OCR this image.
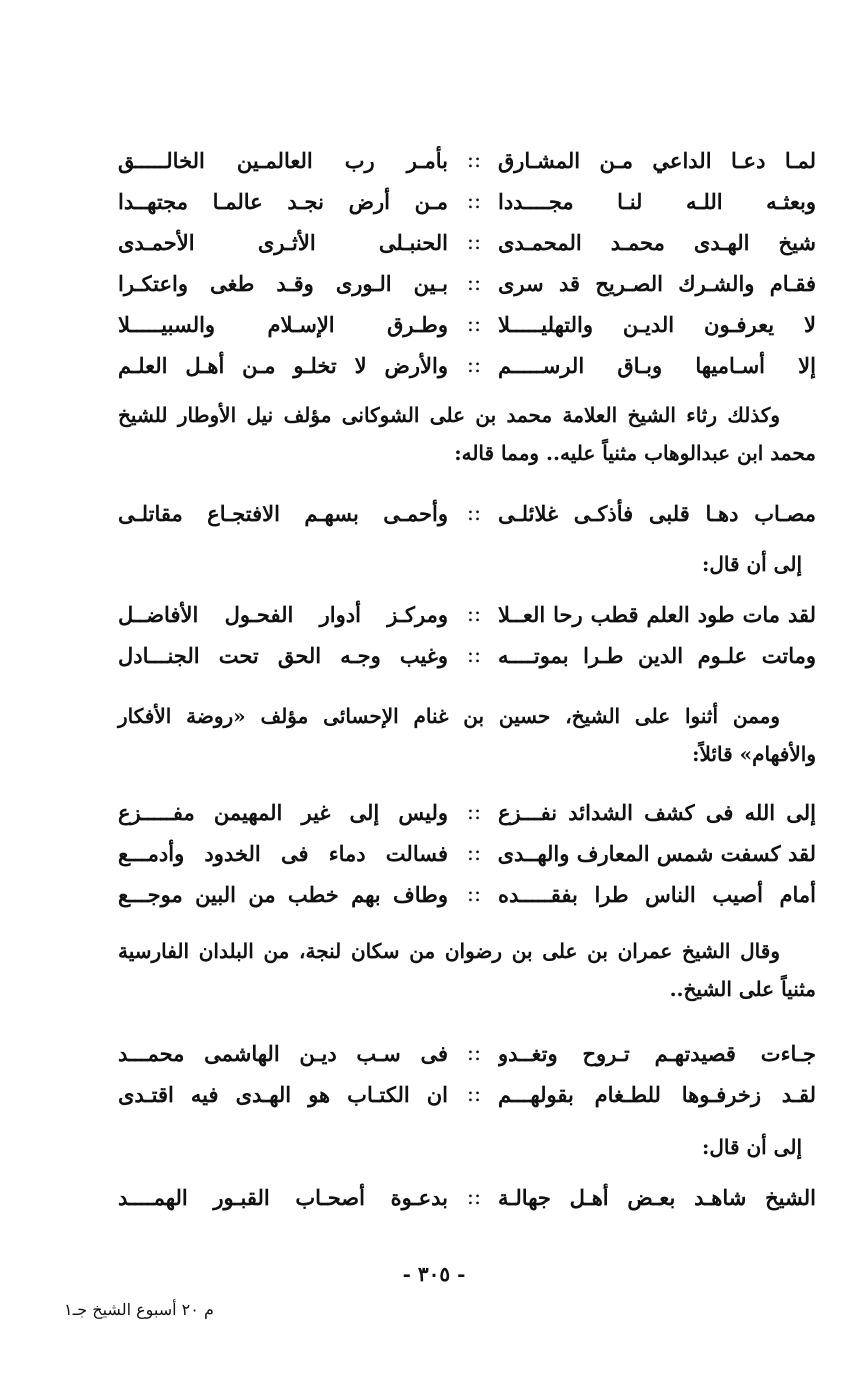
لمـا دعـا الداعي مـن المشـارق
::
بأمـر رب العالمـين الخالـــــق
وبعثـه اللـه لنـا مجــــددا
::
مـن أرض نجـد عالمـا مجتهــدا
شيخ الهـدى محمـد المحمـدى
::
الحنبـلى الأثـرى الأحمـدى
فقـام والشـرك الصـريح قد سرى
::
بـين الـورى وقـد طغى واعتكـرا
لا يعرفـون الديـن والتهليـــــلا
::
وطـرق الإسـلام والسبيـــــلا
إلا أسـاميها وبـاق الرســـــم
::
والأرض لا تخلـو مـن أهـل العلـم
وكذلك رثاء الشيخ العلامة محمد بن على الشوكانى مؤلف نيل الأوطار للشيخ محمد ابن عبدالوهاب مثنياً عليه.. ومما قاله:
مصـاب دهـا قلبى فأذكـى غلائلـى
::
وأحمـى بسهـم الافتجـاع مقاتلـى
إلى أن قال:
لقد مات طود العلم قطب رحا العــلا
::
ومركـز أدوار الفحـول الأفاضــل
وماتت علـوم الدين طـرا بموتــــه
::
وغيب وجـه الحق تحت الجنـــادل
وممن أثنوا على الشيخ، حسين بن غنام الإحسائى مؤلف «روضة الأفكار والأفهام» قائلاً:
إلى الله فى كشف الشدائد نفـــزع
::
وليس إلى غير المهيمن مفـــــزع
لقد كسفت شمس المعارف والهــدى
::
فسالت دماء فى الخدود وأدمـــع
أمام أصيب الناس طرا بفقـــــده
::
وطاف بهم خطب من البين موجـــع
وقال الشيخ عمران بن على بن رضوان من سكان لنجة، من البلدان الفارسية مثنياً على الشيخ..
جـاءت قصيدتهـم تـروح وتغــدو
::
فى سـب ديـن الهاشمى محمـــد
لقـد زخرفـوها للطـغام بقولهـــم
::
ان الكتـاب هو الهـدى فيه اقتـدى
إلى أن قال:
الشيخ شاهـد بعـض أهـل جهالـة
::
بدعـوة أصحـاب القبـور الهمــــد
- ٣٠٥ -
م ٢٠ أسبوع الشيخ جـ١
